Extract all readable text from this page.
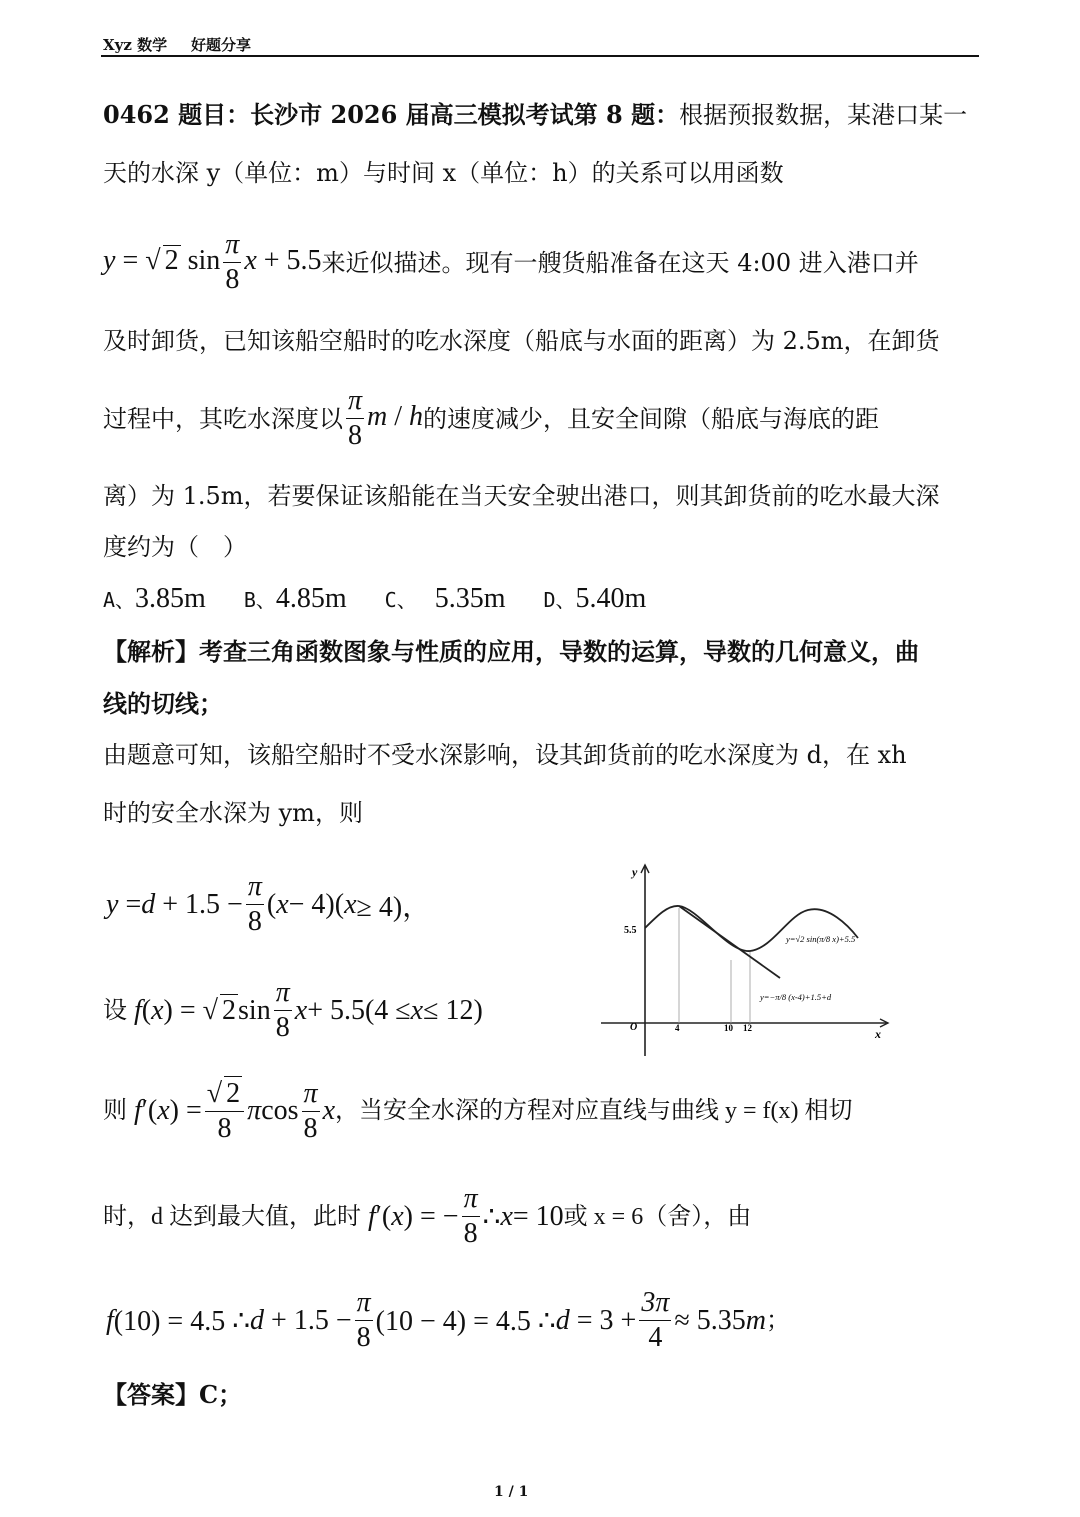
Xyz 数学 好题分享
0462 题目：长沙市 2026 届高三模拟考试第 8 题：根据预报数据，某港口某一
天的水深 y（单位：m）与时间 x（单位：h）的关系可以用函数
y = √ 2 $\sin \frac{\pi}{8}$ x + 5.5 来近似描述。现有一艘货船准备在这天 4:00 进入港口并
及时卸货，已知该船空船时的吃水深度（船底与水面的距离）为 2.5m，在卸货
过程中，其吃水深度以 $\frac{\pi}{8}$ m / h 的速度减少，且安全间隙（船底与海底的距
离）为 1.5m，若要保证该船能在当天安全驶出港口，则其卸货前的吃水最大深
度约为（　）
A、 3.85m B、 4.85m C、 5.35m D、 5.40m
【解析】考查三角函数图象与性质的应用，导数的运算，导数的几何意义，曲
线的切线；
由题意可知，该船空船时不受水深影响，设其卸货前的吃水深度为 d，在 xh
时的安全水深为 ym，则
$y = d + 1.5 - \frac{\pi}{8}$ ( x − 4)( x ≥ 4)，
设
f ( x ) = √ 2 $\sin \frac{\pi}{8}$ x + 5.5(4 ≤ x ≤ 12)
则
f ′( x ) = $\frac{√ 2}{8}$ π $\cos \frac{\pi}{8}$ x ，当安全水深的方程对应直线与曲线 y = f(x) 相切
时，d 达到最大值，此时
f ′( x ) = − $\frac{\pi}{8}$ ∴ x = 10 或 x = 6（舍），由
f (10) = 4.5 ∴ $d + 1.5 - \frac{\pi}{8} (10 - 4) = 4.5$ ∴ $d = 3 + \frac{3\pi}{4} \approx 5.35$ m ；
【答案】C；
y
x
O
5.5
4	10 12
y=√2 sin(π/8 x)+5.5
y=−π/8 (x-4)+1.5+d
1 / 1
